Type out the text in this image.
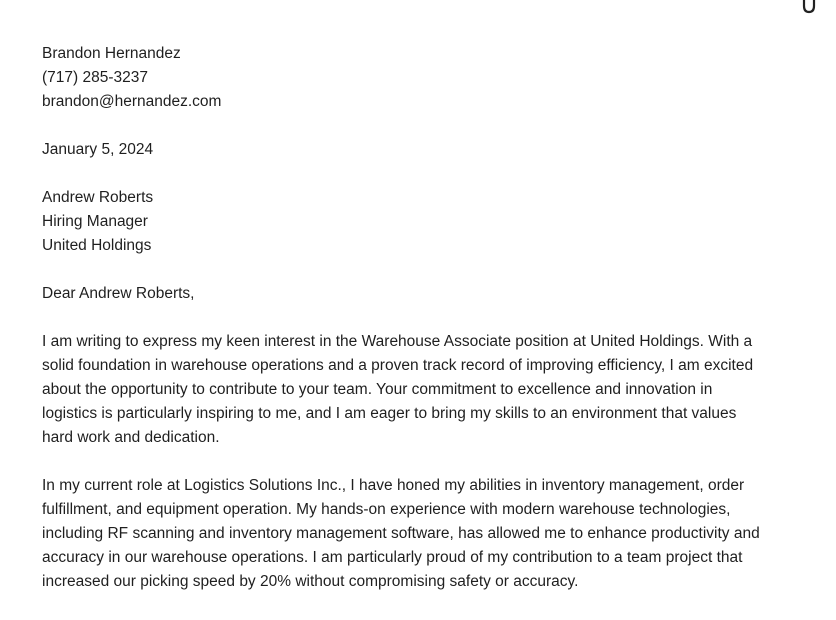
Brandon Hernandez
(717) 285-3237
brandon@hernandez.com
January 5, 2024
Andrew Roberts
Hiring Manager
United Holdings
Dear Andrew Roberts,
I am writing to express my keen interest in the Warehouse Associate position at United Holdings. With a
solid foundation in warehouse operations and a proven track record of improving efficiency, I am excited
about the opportunity to contribute to your team. Your commitment to excellence and innovation in
logistics is particularly inspiring to me, and I am eager to bring my skills to an environment that values
hard work and dedication.
In my current role at Logistics Solutions Inc., I have honed my abilities in inventory management, order
fulfillment, and equipment operation. My hands-on experience with modern warehouse technologies,
including RF scanning and inventory management software, has allowed me to enhance productivity and
accuracy in our warehouse operations. I am particularly proud of my contribution to a team project that
increased our picking speed by 20% without compromising safety or accuracy.
